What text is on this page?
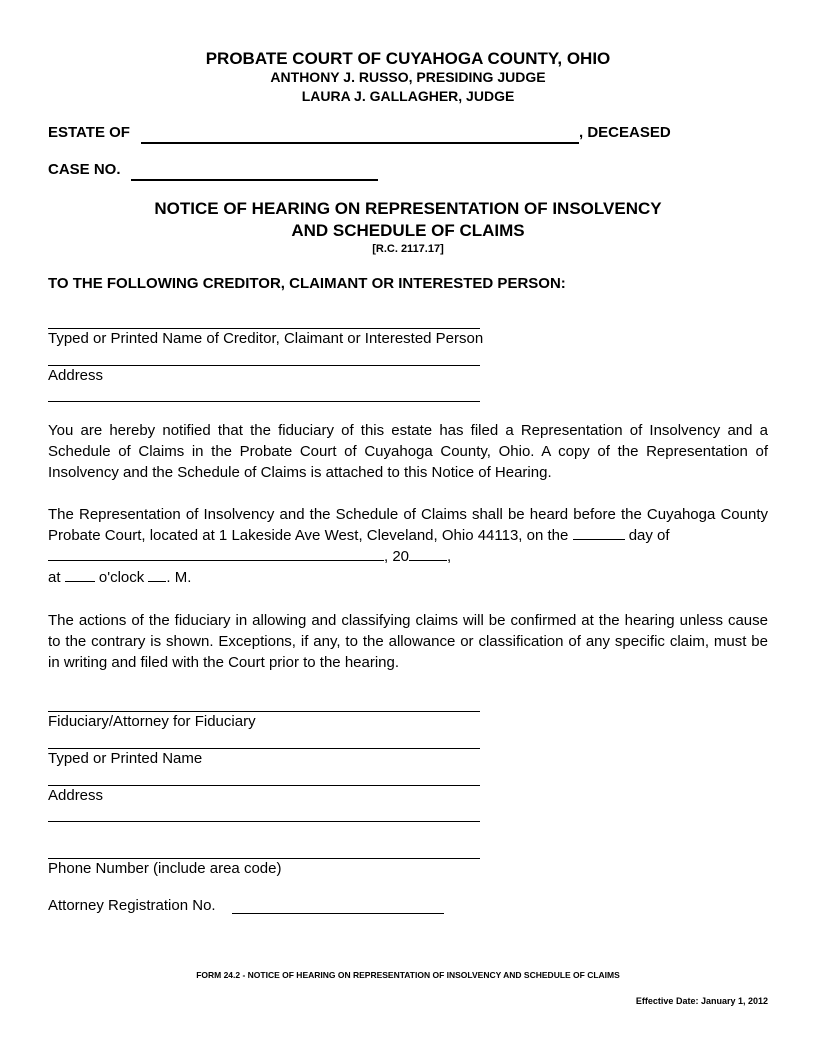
PROBATE COURT OF CUYAHOGA COUNTY, OHIO
ANTHONY J. RUSSO, PRESIDING JUDGE
LAURA J. GALLAGHER, JUDGE
ESTATE OF	, DECEASED
CASE NO.
NOTICE OF HEARING ON REPRESENTATION OF INSOLVENCY
AND SCHEDULE OF CLAIMS
[R.C. 2117.17]
TO THE FOLLOWING CREDITOR, CLAIMANT OR INTERESTED PERSON:
Typed or Printed Name of Creditor, Claimant or Interested Person
Address
You are hereby notified that the fiduciary of this estate has filed a Representation of Insolvency and a Schedule of Claims in the Probate Court of Cuyahoga County, Ohio. A copy of the Representation of Insolvency and the Schedule of Claims is attached to this Notice of Hearing.
The Representation of Insolvency and the Schedule of Claims shall be heard before the Cuyahoga County Probate Court, located at 1 Lakeside Ave West, Cleveland, Ohio 44113, on the	day of
, 20	,
at	o'clock . M.
The actions of the fiduciary in allowing and classifying claims will be confirmed at the hearing unless cause to the contrary is shown. Exceptions, if any, to the allowance or classification of any specific claim, must be in writing and filed with the Court prior to the hearing.
Fiduciary/Attorney for Fiduciary
Typed or Printed Name
Address
Phone Number (include area code)
Attorney Registration No.
FORM 24.2 - NOTICE OF HEARING ON REPRESENTATION OF INSOLVENCY AND SCHEDULE OF CLAIMS
Effective Date: January 1, 2012
